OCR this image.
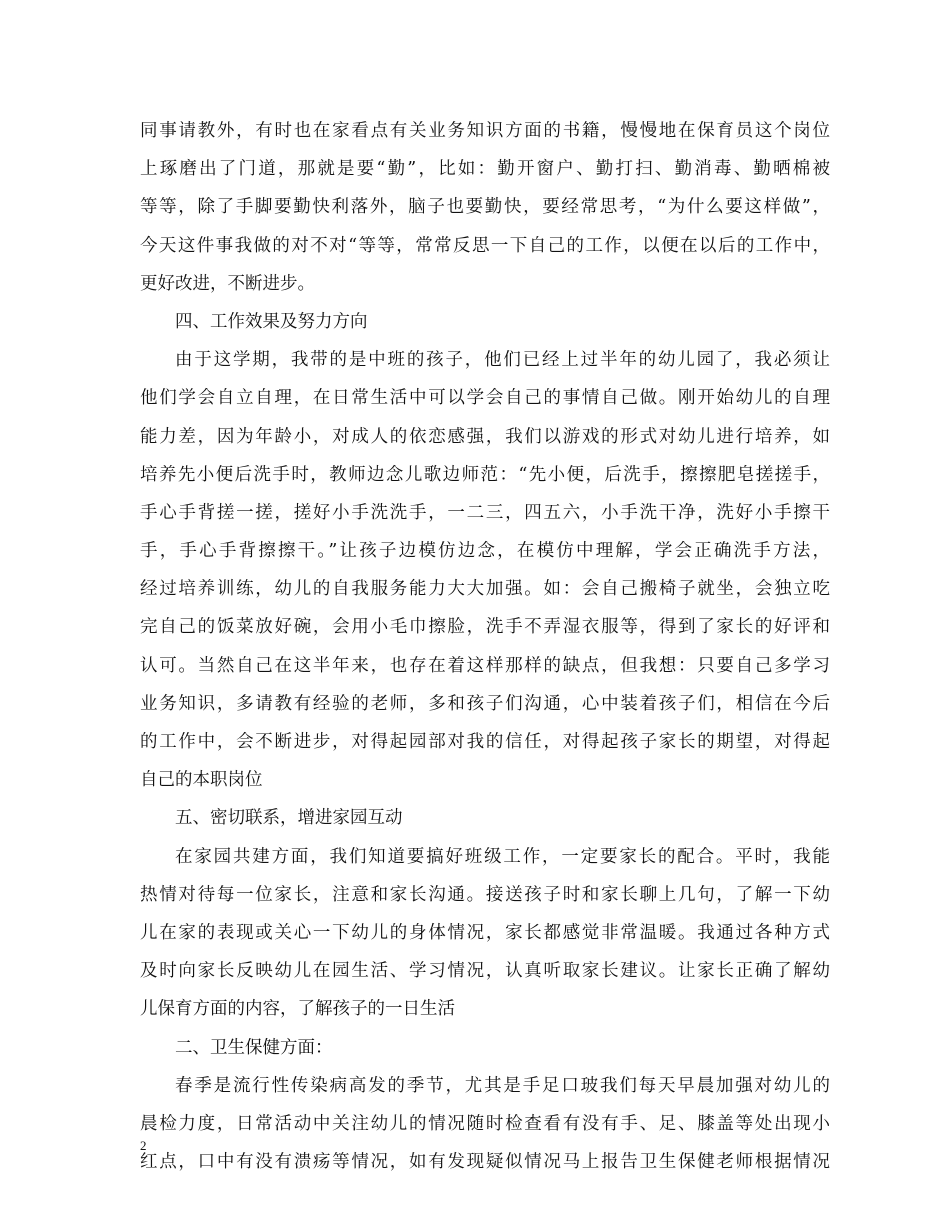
同事请教外，有时也在家看点有关业务知识方面的书籍，慢慢地在保育员这个岗位
上琢磨出了门道，那就是要“勤”，比如：勤开窗户、勤打扫、勤消毒、勤晒棉被
等等，除了手脚要勤快利落外，脑子也要勤快，要经常思考，“为什么要这样做”，
今天这件事我做的对不对“等等，常常反思一下自己的工作，以便在以后的工作中，
更好改进，不断进步。
四、工作效果及努力方向
由于这学期，我带的是中班的孩子，他们已经上过半年的幼儿园了，我必须让
他们学会自立自理，在日常生活中可以学会自己的事情自己做。刚开始幼儿的自理
能力差，因为年龄小，对成人的依恋感强，我们以游戏的形式对幼儿进行培养，如
培养先小便后洗手时，教师边念儿歌边师范：“先小便，后洗手，擦擦肥皂搓搓手，
手心手背搓一搓，搓好小手洗洗手，一二三，四五六，小手洗干净，洗好小手擦干
手，手心手背擦擦干。”让孩子边模仿边念，在模仿中理解，学会正确洗手方法，
经过培养训练，幼儿的自我服务能力大大加强。如：会自己搬椅子就坐，会独立吃
完自己的饭菜放好碗，会用小毛巾擦脸，洗手不弄湿衣服等，得到了家长的好评和
认可。当然自己在这半年来，也存在着这样那样的缺点，但我想：只要自己多学习
业务知识，多请教有经验的老师，多和孩子们沟通，心中装着孩子们，相信在今后
的工作中，会不断进步，对得起园部对我的信任，对得起孩子家长的期望，对得起
自己的本职岗位
五、密切联系，增进家园互动
在家园共建方面，我们知道要搞好班级工作，一定要家长的配合。平时，我能
热情对待每一位家长，注意和家长沟通。接送孩子时和家长聊上几句，了解一下幼
儿在家的表现或关心一下幼儿的身体情况，家长都感觉非常温暖。我通过各种方式
及时向家长反映幼儿在园生活、学习情况，认真听取家长建议。让家长正确了解幼
儿保育方面的内容，了解孩子的一日生活
二、卫生保健方面：
春季是流行性传染病高发的季节，尤其是手足口玻我们每天早晨加强对幼儿的
晨检力度，日常活动中关注幼儿的情况随时检查看有没有手、足、膝盖等处出现小
红点，口中有没有溃疡等情况，如有发现疑似情况马上报告卫生保健老师根据情况
2
